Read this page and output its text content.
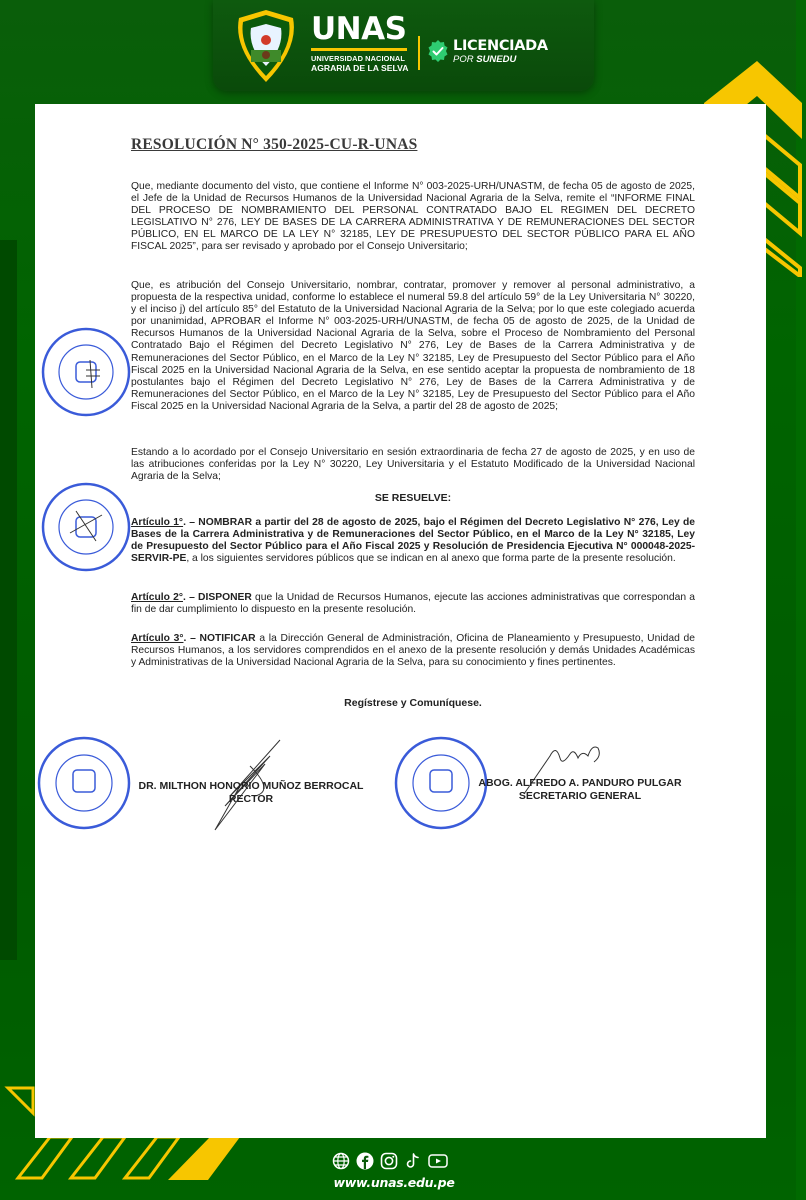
UNAS
UNIVERSIDAD NACIONAL
AGRARIA DE LA SELVA
LICENCIADA
POR SUNEDU
RESOLUCIÓN N° 350-2025-CU-R-UNAS

Que, mediante documento del visto, que contiene el Informe N° 003-2025-URH/UNASTM, de fecha 05 de agosto de 2025, el Jefe de la Unidad de Recursos Humanos de la Universidad Nacional Agraria de la Selva, remite el “INFORME FINAL DEL PROCESO DE NOMBRAMIENTO DEL PERSONAL CONTRATADO BAJO EL REGIMEN DEL DECRETO LEGISLATIVO N° 276, LEY DE BASES DE LA CARRERA ADMINISTRATIVA Y DE REMUNERACIONES DEL SECTOR PÚBLICO, EN EL MARCO DE LA LEY N° 32185, LEY DE PRESUPUESTO DEL SECTOR PÚBLICO PARA EL AÑO FISCAL 2025”, para ser revisado y aprobado por el Consejo Universitario;

Que, es atribución del Consejo Universitario, nombrar, contratar, promover y remover al personal administrativo, a propuesta de la respectiva unidad, conforme lo establece el numeral 59.8 del artículo 59° de la Ley Universitaria N° 30220, y el inciso j) del artículo 85° del Estatuto de la Universidad Nacional Agraria de la Selva; por lo que este colegiado acuerda por unanimidad, APROBAR el Informe N° 003-2025-URH/UNASTM, de fecha 05 de agosto de 2025, de la Unidad de Recursos Humanos de la Universidad Nacional Agraria de la Selva, sobre el Proceso de Nombramiento del Personal Contratado Bajo el Régimen del Decreto Legislativo N° 276, Ley de Bases de la Carrera Administrativa y de Remuneraciones del Sector Público, en el Marco de la Ley N° 32185, Ley de Presupuesto del Sector Público para el Año Fiscal 2025 en la Universidad Nacional Agraria de la Selva, en ese sentido aceptar la propuesta de nombramiento de 18 postulantes bajo el Régimen del Decreto Legislativo N° 276, Ley de Bases de la Carrera Administrativa y de Remuneraciones del Sector Público, en el Marco de la Ley N° 32185, Ley de Presupuesto del Sector Público para el Año Fiscal 2025 en la Universidad Nacional Agraria de la Selva, a partir del 28 de agosto de 2025;

Estando a lo acordado por el Consejo Universitario en sesión extraordinaria de fecha 27 de agosto de 2025, y en uso de las atribuciones conferidas por la Ley N° 30220, Ley Universitaria y el Estatuto Modificado de la Universidad Nacional Agraria de la Selva;

SE RESUELVE:

Artículo 1°. – NOMBRAR a partir del 28 de agosto de 2025, bajo el Régimen del Decreto Legislativo N° 276, Ley de Bases de la Carrera Administrativa y de Remuneraciones del Sector Público, en el Marco de la Ley N° 32185, Ley de Presupuesto del Sector Público para el Año Fiscal 2025 y Resolución de Presidencia Ejecutiva N° 000048-2025-SERVIR-PE, a los siguientes servidores públicos que se indican en al anexo que forma parte de la presente resolución.

Artículo 2°. – DISPONER que la Unidad de Recursos Humanos, ejecute las acciones administrativas que correspondan a fin de dar cumplimiento lo dispuesto en la presente resolución.

Artículo 3°. – NOTIFICAR a la Dirección General de Administración, Oficina de Planeamiento y Presupuesto, Unidad de Recursos Humanos, a los servidores comprendidos en el anexo de la presente resolución y demás Unidades Académicas y Administrativas de la Universidad Nacional Agraria de la Selva, para su conocimiento y fines pertinentes.

Regístrese y Comuníquese.
DR. MILTHON HONORIO MUÑOZ BERROCAL
RECTOR
ABOG. ALFREDO A. PANDURO PULGAR
SECRETARIO GENERAL
www.unas.edu.pe
